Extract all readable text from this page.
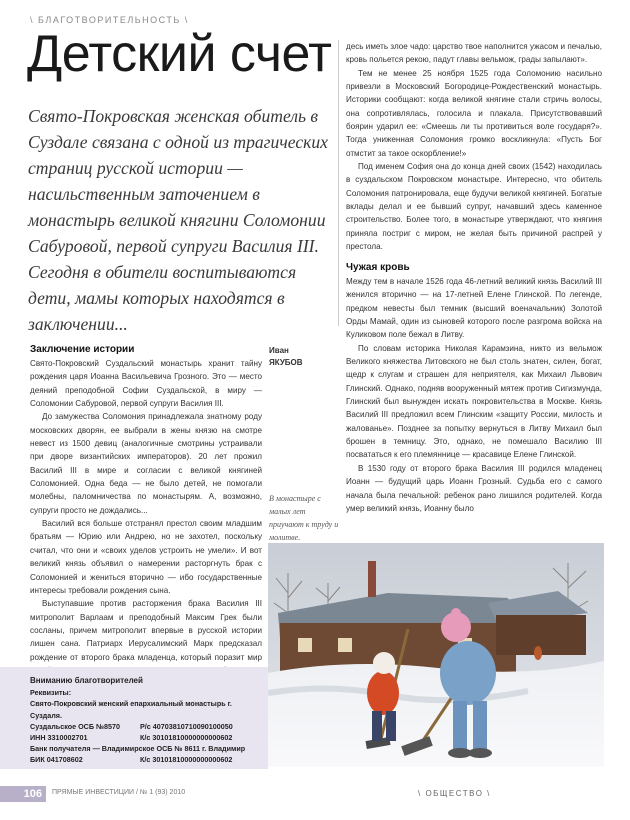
\ БЛАГОТВОРИТЕЛЬНОСТЬ \
Детский счет
Свято-Покровская женская обитель в Суздале связана с одной из трагических страниц русской истории — насильственным заточением в монастырь великой княгини Соломонии Сабуровой, первой супруги Василия III. Сегодня в обители воспитываются дети, мамы которых находятся в заключении...

десь иметь злое чадо: царство твое наполнится ужасом и печалью, кровь польется рекою, падут главы вельмож, грады запылают».

Тем не менее 25 ноября 1525 года Соломонию насильно привезли в Московский Богородице-Рождественский монастырь. Историки сообщают: когда великой княгине стали стричь волосы, она сопротивлялась, голосила и плакала. Присутствовавший боярин ударил ее: «Смеешь ли ты противиться воле государя?». Тогда униженная Соломония громко воскликнула: «Пусть Бог отмстит за такое оскорбление!»

Под именем София она до конца дней своих (1542) находилась в суздальском Покровском монастыре. Интересно, что обитель Соломония патронировала, еще будучи великой княгиней. Богатые вклады делал и ее бывший супруг, начавший здесь каменное строительство. Более того, в монастыре утверждают, что княгиня приняла постриг с миром, не желая быть причиной распрей у престола.

Чужая кровь

Между тем в начале 1526 года 46-летний великий князь Василий III женился вторично — на 17-летней Елене Глинской. По легенде, предком невесты был темник (высший военачальник) Золотой Орды Мамай, один из сыновей которого после разгрома войска на Куликовом поле бежал в Литву.

По словам историка Николая Карамзина, никто из вельмож Великого княжества Литовского не был столь знатен, силен, богат, щедр к слугам и страшен для неприятеля, как Михаил Львович Глинский. Однако, подняв вооруженный мятеж против Сигизмунда, Глинский был вынужден искать покровительства в Москве. Князь Василий III предложил всем Глинским «защиту России, милость и жалованье». Позднее за попытку вернуться в Литву Михаил был брошен в темницу. Это, однако, не помешало Василию III посвататься к его племяннице — красавице Елене Глинской.

В 1530 году от второго брака Василия III родился младенец Иоанн — будущий царь Иоанн Грозный. Судьба его с самого начала была печальной: ребенок рано лишился родителей. Когда умер великий князь, Иоанну было

Заключение истории

Свято-Покровский Суздальский монастырь хранит тайну рождения царя Иоанна Васильевича Грозного. Это — место деяний преподобной Софии Суздальской, в миру — Соломонии Сабуровой, первой супруги Василия III.

До замужества Соломония принадлежала знатному роду московских дворян, ее выбрали в жены князю на смотре невест из 1500 девиц (аналогичные смотрины устраивали при дворе византийских императоров). 20 лет прожил Василий III в мире и согласии с великой княгиней Соломонией. Одна беда — не было детей, не помогали молебны, паломничества по монастырям. А, возможно, супруги просто не дождались...

Василий вся больше отстранял престол своим младшим братьям — Юрию или Андрею, но не захотел, поскольку считал, что они и «своих уделов устроить не умели». И вот великий князь объявил о намерении расторгнуть брак с Соломонией и жениться вторично — ибо государственные интересы требовали рождения сына.

Выступавшие против расторжения брака Василия III митрополит Варлаам и преподобный Максим Грек были сосланы, причем митрополит впервые в русской истории лишен сана. Патриарх Иерусалимский Марк предсказал рождение от второго брака младенца, который поразит мир

Иван
ЯКУБОВ
В монастыре с малых лет приучают к труду и молитве.
Вниманию благотворителей
Реквизиты:
Свято-Покровский женский епархиальный монастырь г. Суздаля.
Суздальское ОСБ №8570	Р/с 40703810710090100050
ИНН 3310002701	К/с 30101810000000000602
Банк получателя — Владимирское ОСБ № 8611 г. Владимир
БИК 041708602	К/с 30101810000000000602
106	ПРЯМЫЕ ИНВЕСТИЦИИ / № 1 (93) 2010	\ ОБЩЕСТВО \
